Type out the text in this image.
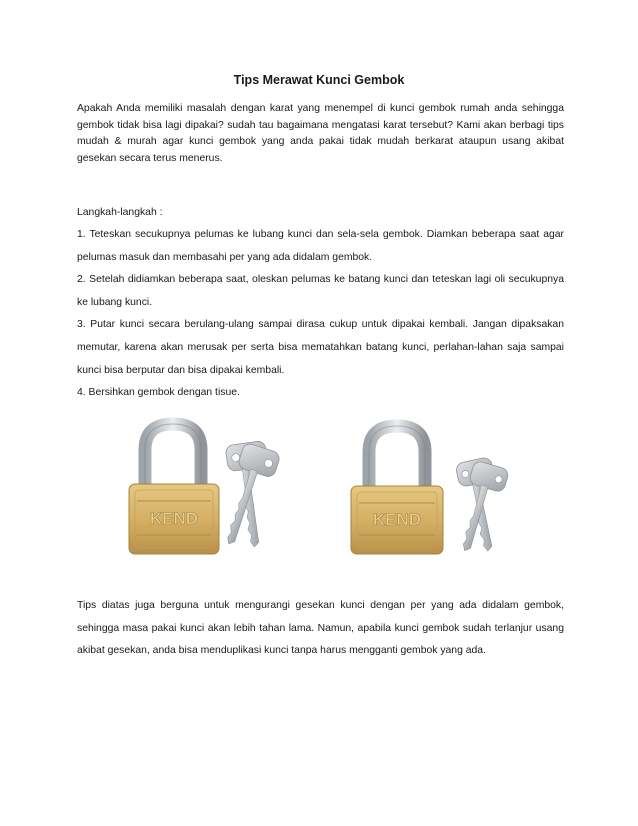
Tips Merawat Kunci Gembok

Apakah Anda memiliki masalah dengan karat yang menempel di kunci gembok rumah anda sehingga gembok tidak bisa lagi dipakai? sudah tau bagaimana mengatasi karat tersebut? Kami akan berbagi tips mudah & murah agar kunci gembok yang anda pakai tidak mudah berkarat ataupun usang akibat gesekan secara terus menerus.

Langkah-langkah :

1. Teteskan secukupnya pelumas ke lubang kunci dan sela-sela gembok. Diamkan beberapa saat agar pelumas masuk dan membasahi per yang ada didalam gembok.
2. Setelah didiamkan beberapa saat, oleskan pelumas ke batang kunci dan teteskan lagi oli secukupnya ke lubang kunci.
3. Putar kunci secara berulang-ulang sampai dirasa cukup untuk dipakai kembali. Jangan dipaksakan memutar, karena akan merusak per serta bisa mematahkan batang kunci, perlahan-lahan saja sampai kunci bisa berputar dan bisa dipakai kembali.
4. Bersihkan gembok dengan tisue.
KEND	KEND

Tips diatas juga berguna untuk mengurangi gesekan kunci dengan per yang ada didalam gembok, sehingga masa pakai kunci akan lebih tahan lama. Namun, apabila kunci gembok sudah terlanjur usang akibat gesekan, anda bisa menduplikasi kunci tanpa harus mengganti gembok yang ada.
